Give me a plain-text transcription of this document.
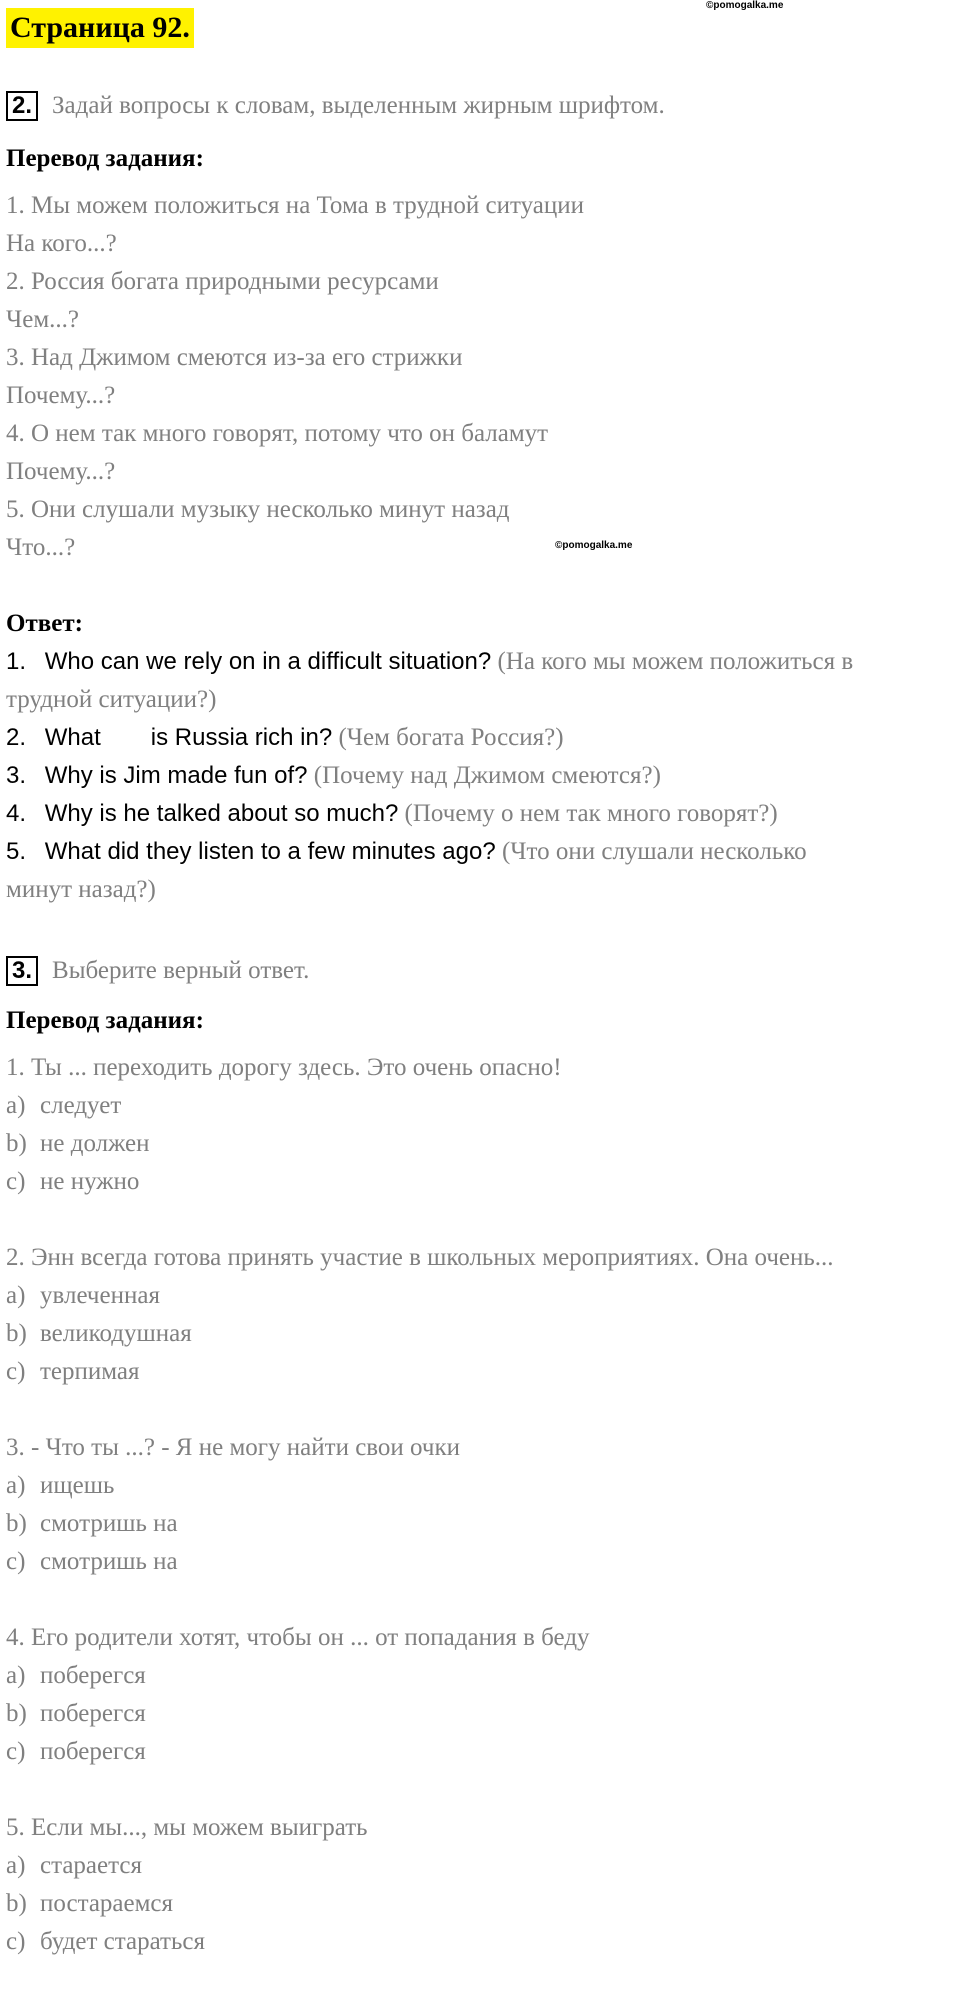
Страница 92.
©pomogalka.me
2. Задай вопросы к словам, выделенным жирным шрифтом.
Перевод задания:
1. Мы можем положиться на Тома в трудной ситуации
На кого...?
2. Россия богата природными ресурсами
Чем...?
3. Над Джимом смеются из-за его стрижки
Почему...?
4. О нем так много говорят, потому что он баламут
Почему...?
5. Они слушали музыку несколько минут назад
Что...?	©pomogalka.me
Ответ:
1. Who can we rely on in a difficult situation? (На кого мы можем положиться в
трудной ситуации?)
2. What is Russia rich in? (Чем богата Россия?)
3. Why is Jim made fun of? (Почему над Джимом смеются?)
4. Why is he talked about so much? (Почему о нем так много говорят?)
5. What did they listen to a few minutes ago? (Что они слушали несколько
минут назад?)
3. Выберите верный ответ.
Перевод задания:
1. Ты ... переходить дорогу здесь. Это очень опасно!
a) следует
b) не должен
c) не нужно
2. Энн всегда готова принять участие в школьных мероприятиях. Она очень...
a) увлеченная
b) великодушная
c) терпимая
3. - Что ты ...? - Я не могу найти свои очки
a) ищешь
b) смотришь на
c) смотришь на
4. Его родители хотят, чтобы он ... от попадания в беду
a) поберегся
b) поберегся
c) поберегся
5. Если мы..., мы можем выиграть
a) старается
b) постараемся
c) будет стараться
